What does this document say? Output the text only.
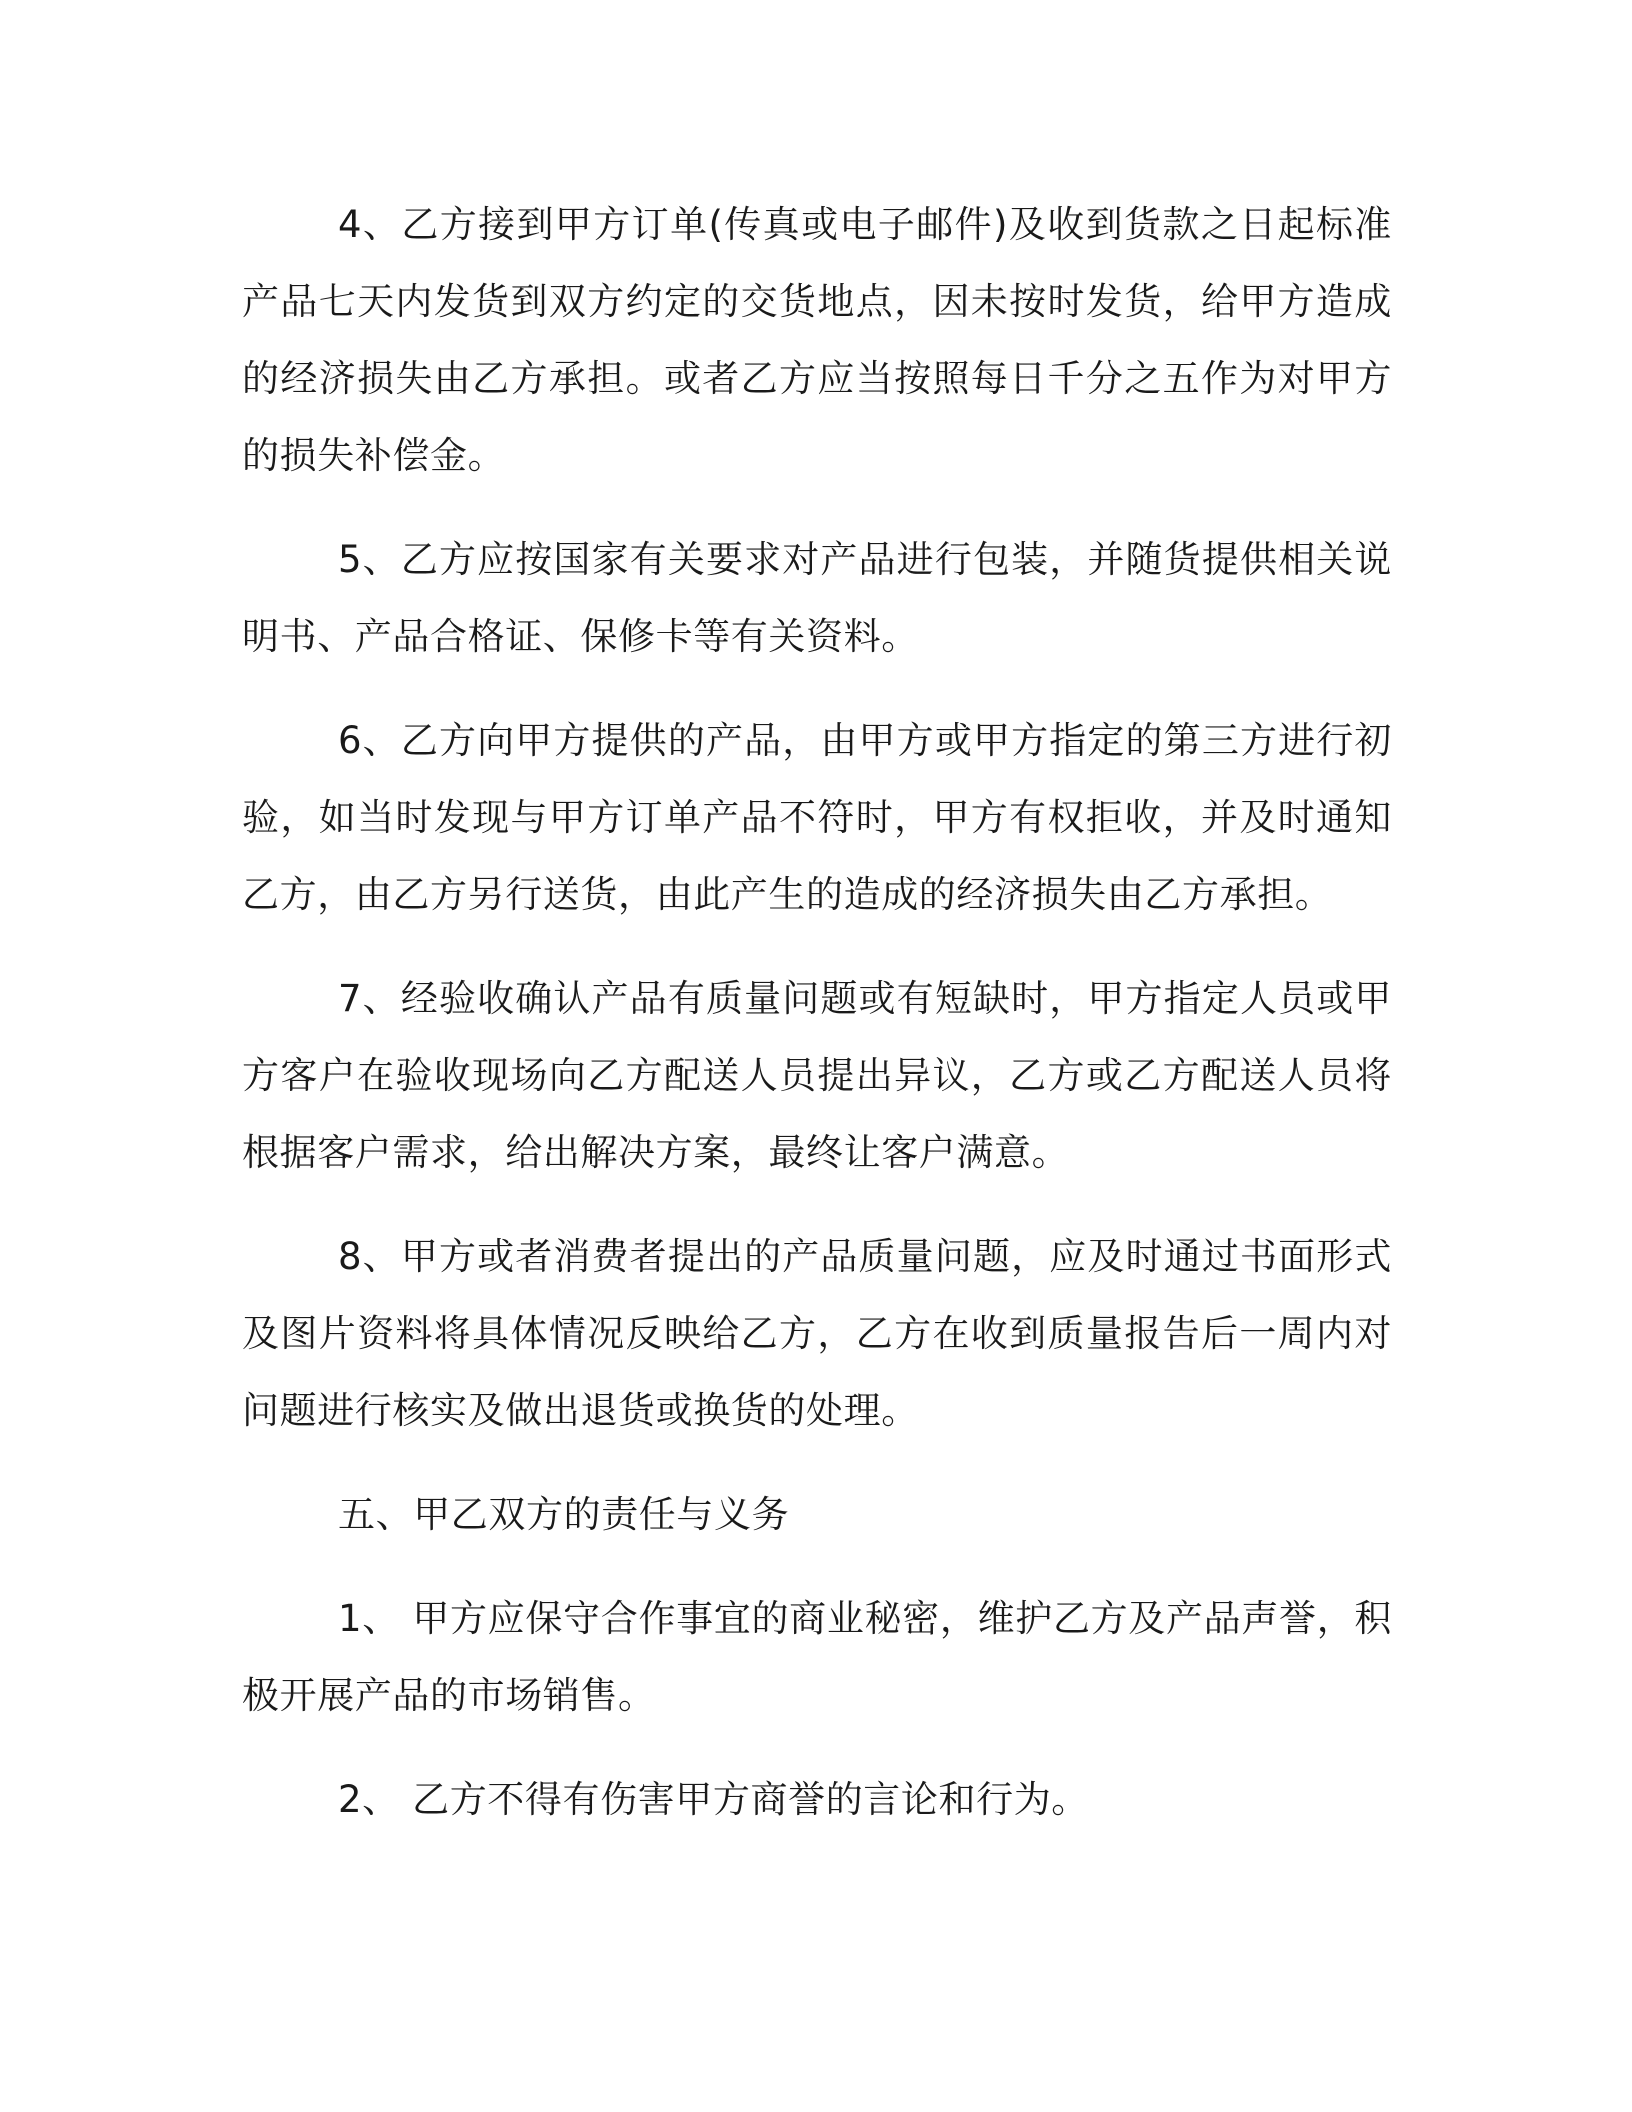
4、乙方接到甲方订单(传真或电子邮件)及收到货款之日起标准产品七天内发货到双方约定的交货地点，因未按时发货，给甲方造成的经济损失由乙方承担。或者乙方应当按照每日千分之五作为对甲方的损失补偿金。

5、乙方应按国家有关要求对产品进行包装，并随货提供相关说明书、产品合格证、保修卡等有关资料。

6、乙方向甲方提供的产品，由甲方或甲方指定的第三方进行初验，如当时发现与甲方订单产品不符时，甲方有权拒收，并及时通知乙方，由乙方另行送货，由此产生的造成的经济损失由乙方承担。

7、经验收确认产品有质量问题或有短缺时，甲方指定人员或甲方客户在验收现场向乙方配送人员提出异议，乙方或乙方配送人员将根据客户需求，给出解决方案，最终让客户满意。

8、甲方或者消费者提出的产品质量问题，应及时通过书面形式及图片资料将具体情况反映给乙方，乙方在收到质量报告后一周内对问题进行核实及做出退货或换货的处理。

五、甲乙双方的责任与义务

1、 甲方应保守合作事宜的商业秘密，维护乙方及产品声誉，积极开展产品的市场销售。

2、 乙方不得有伤害甲方商誉的言论和行为。
